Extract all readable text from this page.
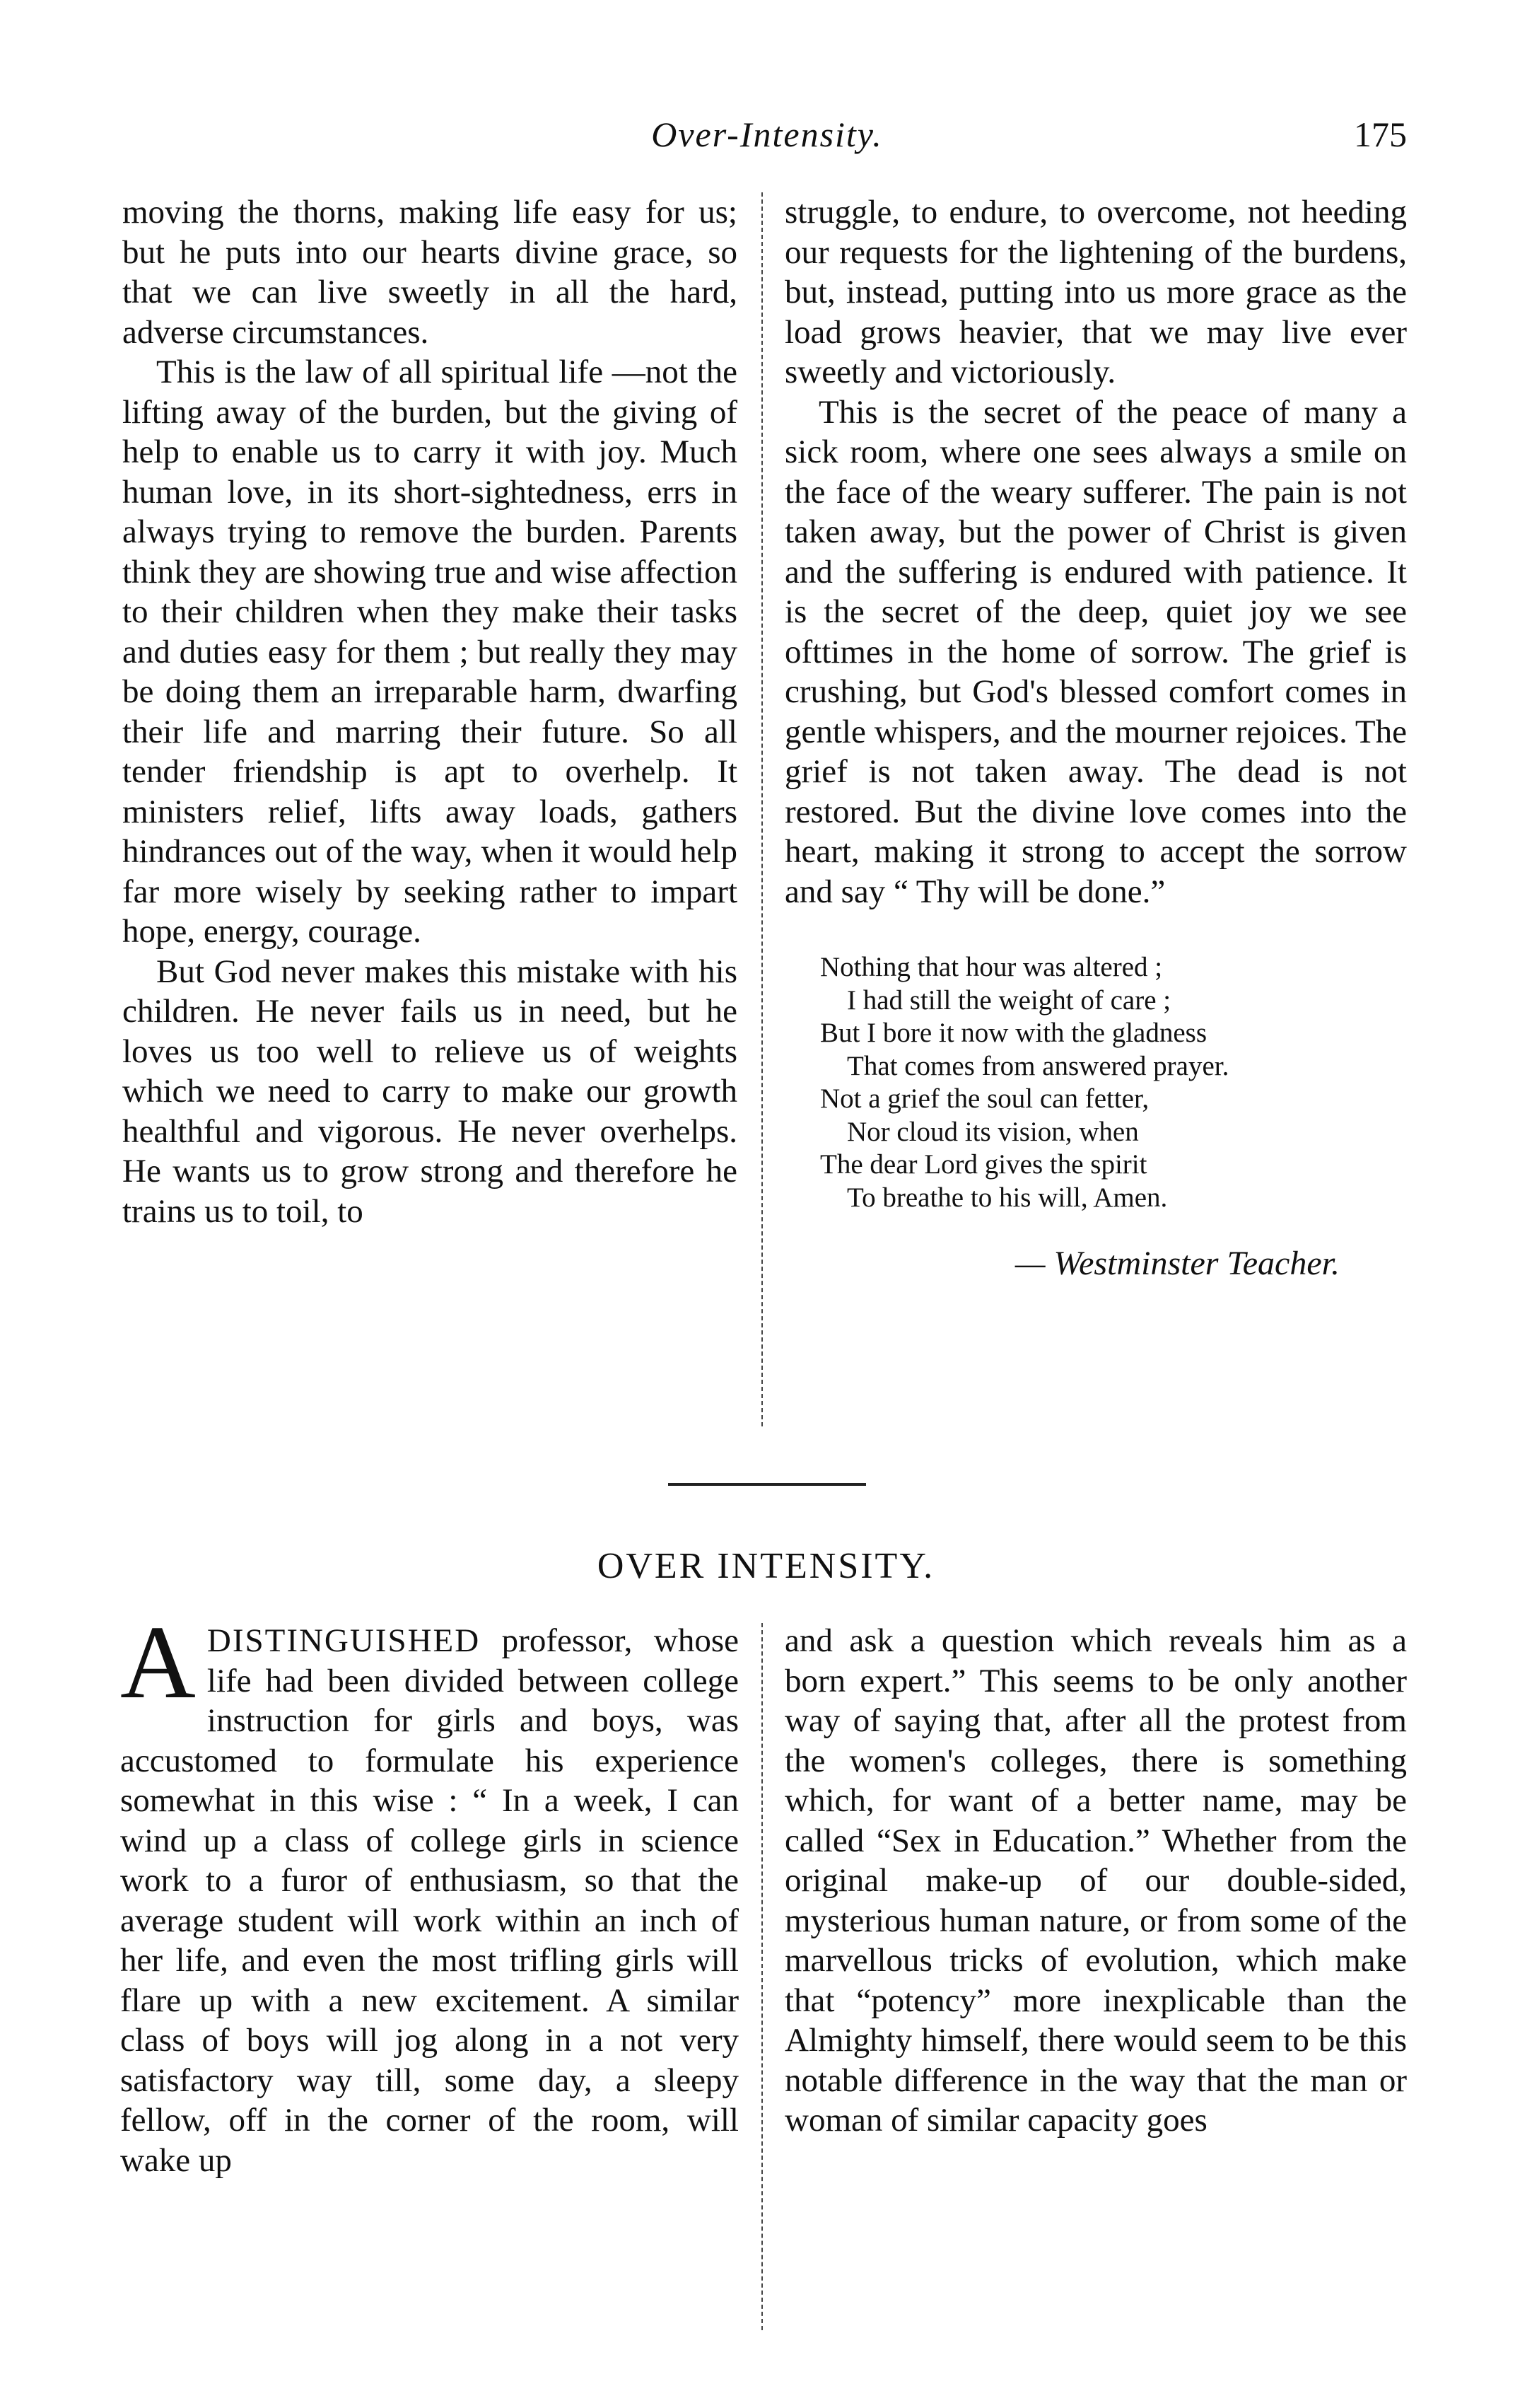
Over-Intensity.	175

moving the thorns, making life easy for us; but he puts into our hearts divine grace, so that we can live sweetly in all the hard, adverse circumstances.

This is the law of all spiritual life —not the lifting away of the burden, but the giving of help to enable us to carry it with joy. Much human love, in its short-sightedness, errs in always trying to remove the burden. Parents think they are showing true and wise affection to their children when they make their tasks and duties easy for them ; but really they may be doing them an irreparable harm, dwarfing their life and marring their future. So all tender friendship is apt to overhelp. It ministers relief, lifts away loads, gathers hindrances out of the way, when it would help far more wisely by seeking rather to impart hope, energy, courage.

But God never makes this mistake with his children. He never fails us in need, but he loves us too well to relieve us of weights which we need to carry to make our growth healthful and vigorous. He never overhelps. He wants us to grow strong and therefore he trains us to toil, to

struggle, to endure, to overcome, not heeding our requests for the lightening of the burdens, but, instead, putting into us more grace as the load grows heavier, that we may live ever sweetly and victoriously.

This is the secret of the peace of many a sick room, where one sees always a smile on the face of the weary sufferer. The pain is not taken away, but the power of Christ is given and the suffering is endured with patience. It is the secret of the deep, quiet joy we see ofttimes in the home of sorrow. The grief is crushing, but God's blessed comfort comes in gentle whispers, and the mourner rejoices. The grief is not taken away. The dead is not restored. But the divine love comes into the heart, making it strong to accept the sorrow and say “ Thy will be done.”

Nothing that hour was altered ;
I had still the weight of care ;
But I bore it now with the gladness
That comes from answered prayer.
Not a grief the soul can fetter,
Nor cloud its vision, when
The dear Lord gives the spirit
To breathe to his will, Amen.
— Westminster Teacher.
OVER INTENSITY.

ADISTINGUISHED professor, whose life had been divided between college instruction for girls and boys, was accustomed to formulate his experience somewhat in this wise : “ In a week, I can wind up a class of college girls in science work to a furor of enthusiasm, so that the average student will work within an inch of her life, and even the most trifling girls will flare up with a new excitement. A similar class of boys will jog along in a not very satisfactory way till, some day, a sleepy fellow, off in the corner of the room, will wake up

and ask a question which reveals him as a born expert.” This seems to be only another way of saying that, after all the protest from the women's colleges, there is something which, for want of a better name, may be called “Sex in Education.” Whether from the original make-up of our double-sided, mysterious human nature, or from some of the marvellous tricks of evolution, which make that “potency” more inexplicable than the Almighty himself, there would seem to be this notable difference in the way that the man or woman of similar capacity goes
